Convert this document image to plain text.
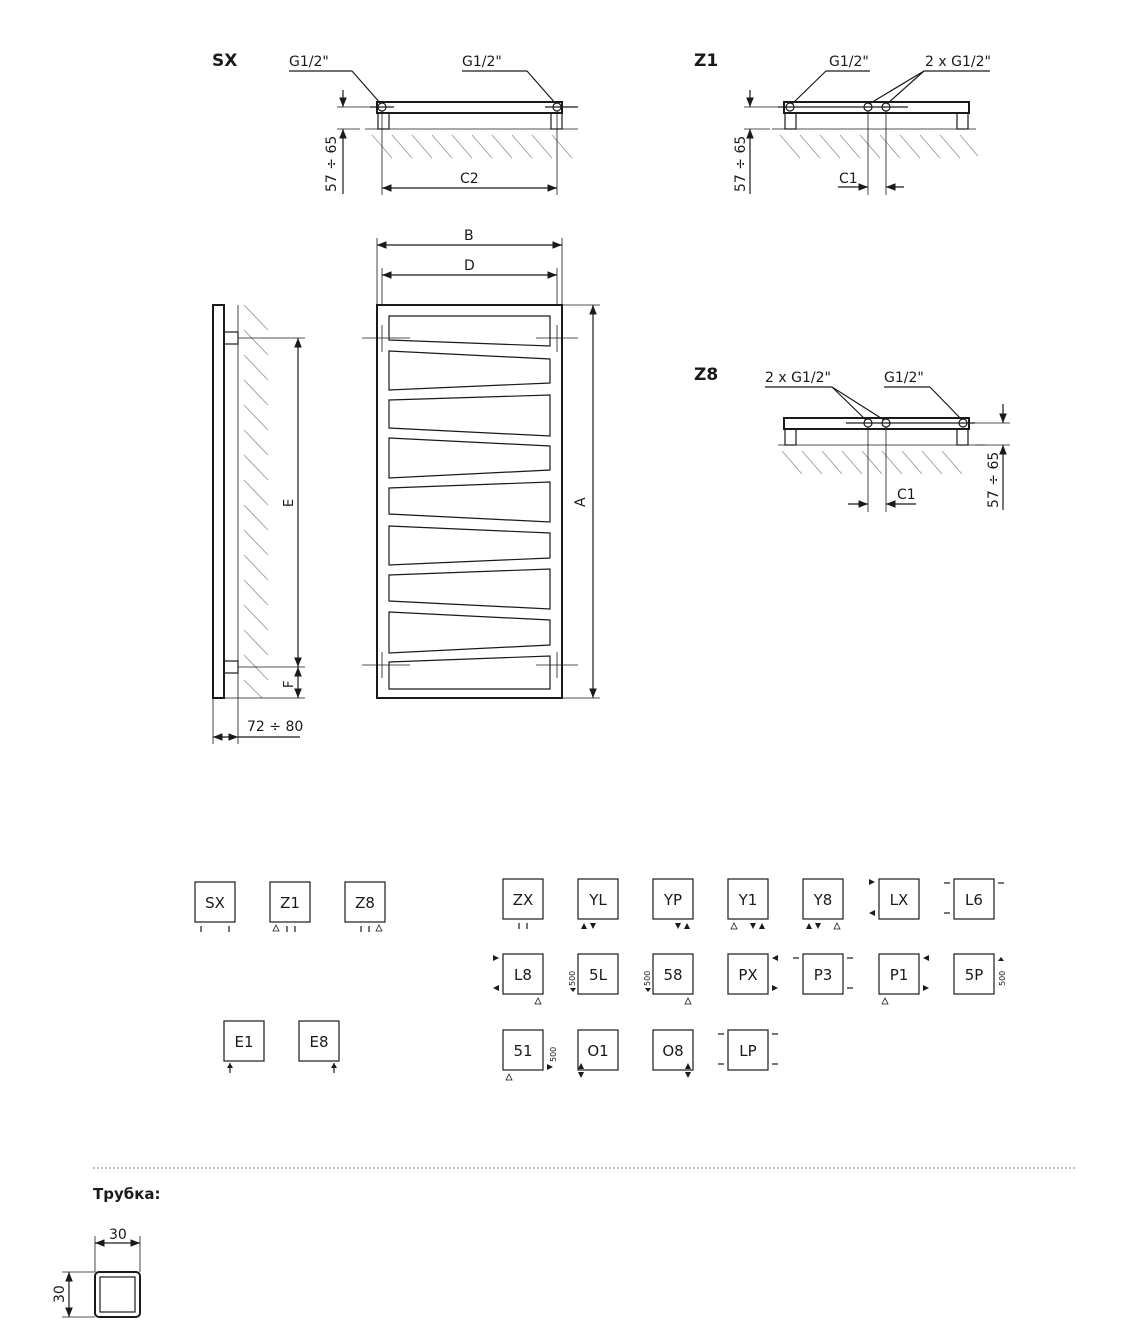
SX	G1/2"	G1/2"
57 ÷ 65	C2
Z1	G1/2"	2 x G1/2"
57 ÷ 65	C1
Z8	2 x G1/2"	G1/2"
57 ÷ 65
C1
E
F
72 ÷ 80
B
D
A
SX	Z1	Z8
E1	E8
ZX	YL	YP	Y1	Y8	LX	L6
L8	5L
500	58
500	PX	P3	P1	5P 500
51 500 O1	O8	LP
30
30
Трубка:
